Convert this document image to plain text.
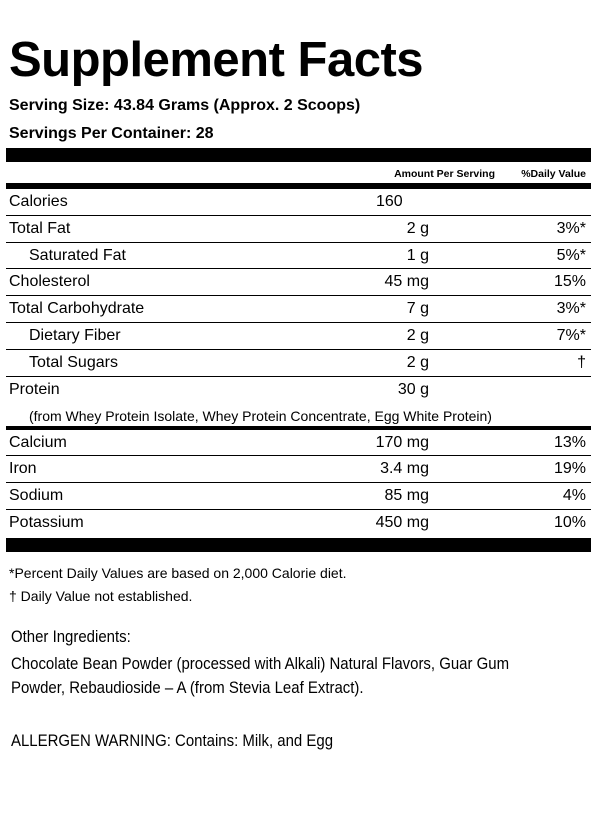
Supplement Facts
Serving Size: 43.84 Grams (Approx. 2 Scoops)
Servings Per Container: 28
Amount Per Serving %Daily Value
Calories	160
Total Fat	2 g	3%*
Saturated Fat	1 g	5%*
Cholesterol	45 mg	15%
Total Carbohydrate	7 g	3%*
Dietary Fiber	2 g	7%*
Total Sugars	2 g	†
Protein	30 g
(from Whey Protein Isolate, Whey Protein Concentrate, Egg White Protein)
Calcium	170 mg	13%
Iron	3.4 mg	19%
Sodium	85 mg	4%
Potassium	450 mg	10%
*Percent Daily Values are based on 2,000 Calorie diet.
† Daily Value not established.
Other Ingredients:
Chocolate Bean Powder (processed with Alkali) Natural Flavors, Guar Gum
Powder, Rebaudioside – A (from Stevia Leaf Extract).
ALLERGEN WARNING: Contains: Milk, and Egg
